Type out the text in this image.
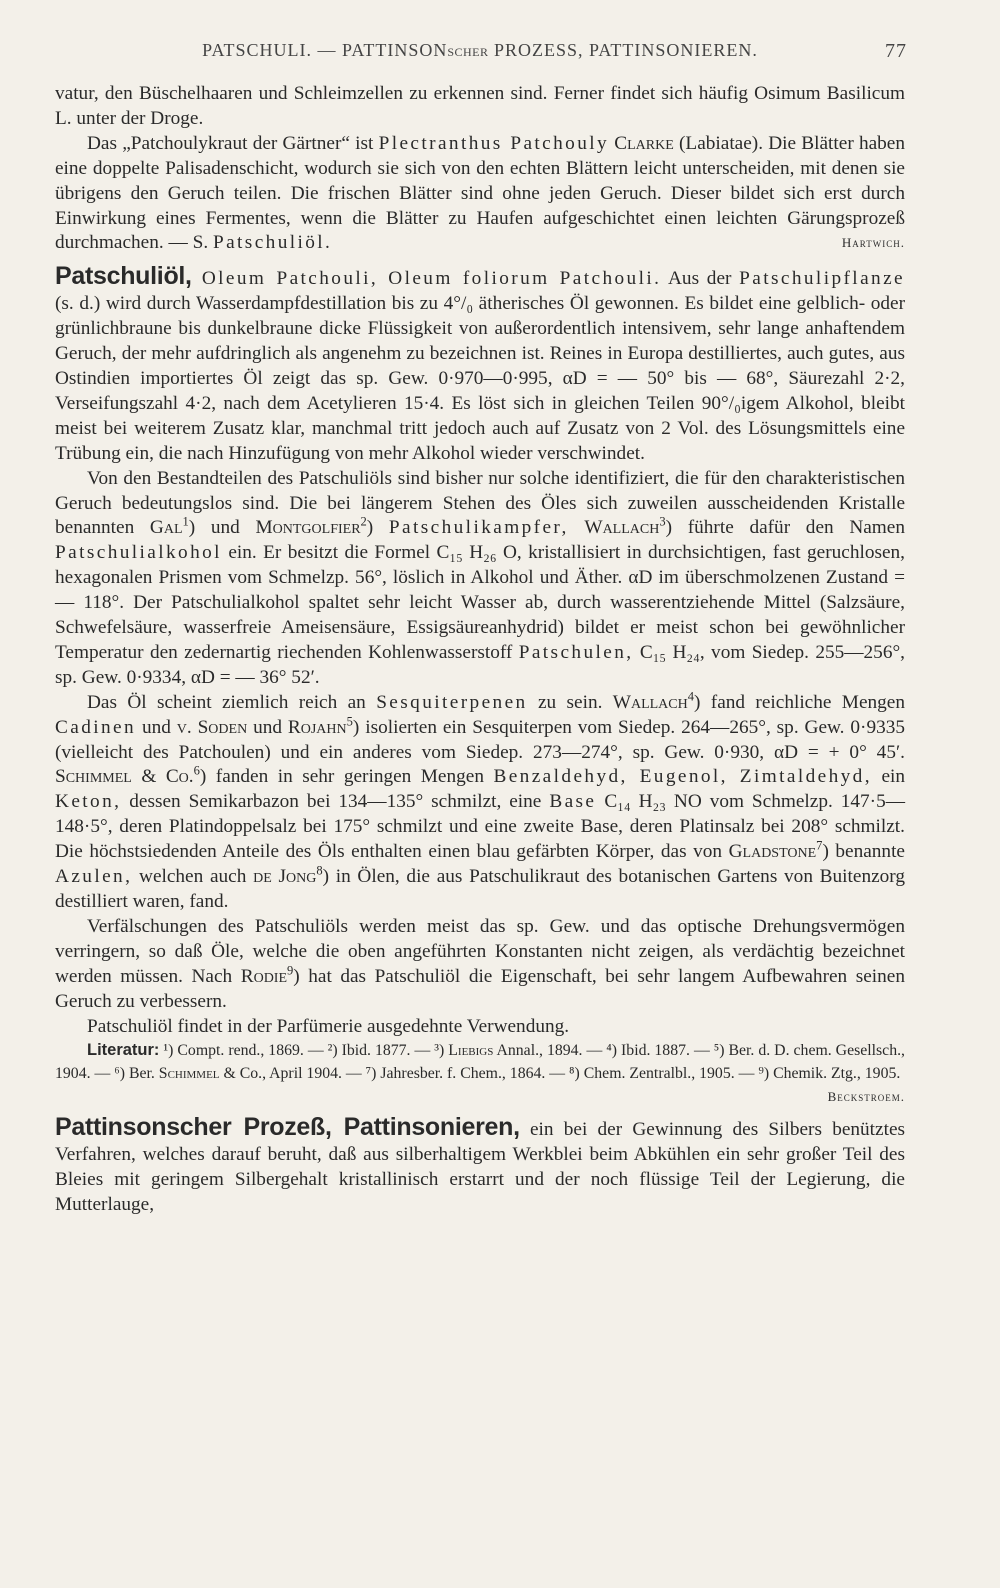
PATSCHULI. — PATTINSONSCHER PROZESS, PATTINSONIEREN.	77

vatur, den Büschelhaaren und Schleimzellen zu erkennen sind. Ferner findet sich häufig Osimum Basilicum L. unter der Droge.

Das „Patchoulykraut der Gärtner“ ist Plectranthus Patchouly Clarke (Labiatae). Die Blätter haben eine doppelte Palisadenschicht, wodurch sie sich von den echten Blättern leicht unterscheiden, mit denen sie übrigens den Geruch teilen. Die frischen Blätter sind ohne jeden Geruch. Dieser bildet sich erst durch Einwirkung eines Fermentes, wenn die Blätter zu Haufen aufgeschichtet einen leichten Gärungsprozeß durchmachen. — S. Patschuliöl.	Hartwich.

Patschuliöl, Oleum Patchouli, Oleum foliorum Patchouli. Aus der Patschulipflanze (s. d.) wird durch Wasserdampfdestillation bis zu 4°/₀ ätherisches Öl gewonnen. Es bildet eine gelblich- oder grünlichbraune bis dunkelbraune dicke Flüssigkeit von außerordentlich intensivem, sehr lange anhaftendem Geruch, der mehr aufdringlich als angenehm zu bezeichnen ist. Reines in Europa destilliertes, auch gutes, aus Ostindien importiertes Öl zeigt das sp. Gew. 0·970—0·995, αD = — 50° bis — 68°, Säurezahl 2·2, Verseifungszahl 4·2, nach dem Acetylieren 15·4. Es löst sich in gleichen Teilen 90°/₀igem Alkohol, bleibt meist bei weiterem Zusatz klar, manchmal tritt jedoch auch auf Zusatz von 2 Vol. des Lösungsmittels eine Trübung ein, die nach Hinzufügung von mehr Alkohol wieder verschwindet.

Von den Bestandteilen des Patschuliöls sind bisher nur solche identifiziert, die für den charakteristischen Geruch bedeutungslos sind. Die bei längerem Stehen des Öles sich zuweilen ausscheidenden Kristalle benannten Gal$^1$) und Montgolfier$^2$) Patschulikampfer, Wallach$^3$) führte dafür den Namen Patschulialkohol ein. Er besitzt die Formel C₁₅ H₂₆ O, kristallisiert in durchsichtigen, fast geruchlosen, hexagonalen Prismen vom Schmelzp. 56°, löslich in Alkohol und Äther. αD im überschmolzenen Zustand = — 118°. Der Patschulialkohol spaltet sehr leicht Wasser ab, durch wasserentziehende Mittel (Salzsäure, Schwefelsäure, wasserfreie Ameisensäure, Essigsäureanhydrid) bildet er meist schon bei gewöhnlicher Temperatur den zedernartig riechenden Kohlenwasserstoff Patschulen, C₁₅ H₂₄, vom Siedep. 255—256°, sp. Gew. 0·9334, αD = — 36° 52′.

Das Öl scheint ziemlich reich an Sesquiterpenen zu sein. Wallach$^4$) fand reichliche Mengen Cadinen und v. Soden und Rojahn$^5$) isolierten ein Sesquiterpen vom Siedep. 264—265°, sp. Gew. 0·9335 (vielleicht des Patchoulen) und ein anderes vom Siedep. 273—274°, sp. Gew. 0·930, αD = + 0° 45′. Schimmel & Co.$^6$) fanden in sehr geringen Mengen Benzaldehyd, Eugenol, Zimtaldehyd, ein Keton, dessen Semikarbazon bei 134—135° schmilzt, eine Base C₁₄ H₂₃ NO vom Schmelzp. 147·5—148·5°, deren Platindoppelsalz bei 175° schmilzt und eine zweite Base, deren Platinsalz bei 208° schmilzt. Die höchstsiedenden Anteile des Öls enthalten einen blau gefärbten Körper, das von Gladstone$^7$) benannte Azulen, welchen auch de Jong$^8$) in Ölen, die aus Patschulikraut des botanischen Gartens von Buitenzorg destilliert waren, fand.

Verfälschungen des Patschuliöls werden meist das sp. Gew. und das optische Drehungsvermögen verringern, so daß Öle, welche die oben angeführten Konstanten nicht zeigen, als verdächtig bezeichnet werden müssen. Nach Rodie$^9$) hat das Patschuliöl die Eigenschaft, bei sehr langem Aufbewahren seinen Geruch zu verbessern.

Patschuliöl findet in der Parfümerie ausgedehnte Verwendung.

Literatur: ¹) Compt. rend., 1869. — ²) Ibid. 1877. — ³) Liebigs Annal., 1894. — ⁴) Ibid. 1887. — ⁵) Ber. d. D. chem. Gesellsch., 1904. — ⁶) Ber. Schimmel & Co., April 1904. — ⁷) Jahresber. f. Chem., 1864. — ⁸) Chem. Zentralbl., 1905. — ⁹) Chemik. Ztg., 1905.
Beckstroem.

Pattinsonscher Prozeß, Pattinsonieren, ein bei der Gewinnung des Silbers benütztes Verfahren, welches darauf beruht, daß aus silberhaltigem Werkblei beim Abkühlen ein sehr großer Teil des Bleies mit geringem Silbergehalt kristallinisch erstarrt und der noch flüssige Teil der Legierung, die Mutterlauge,
